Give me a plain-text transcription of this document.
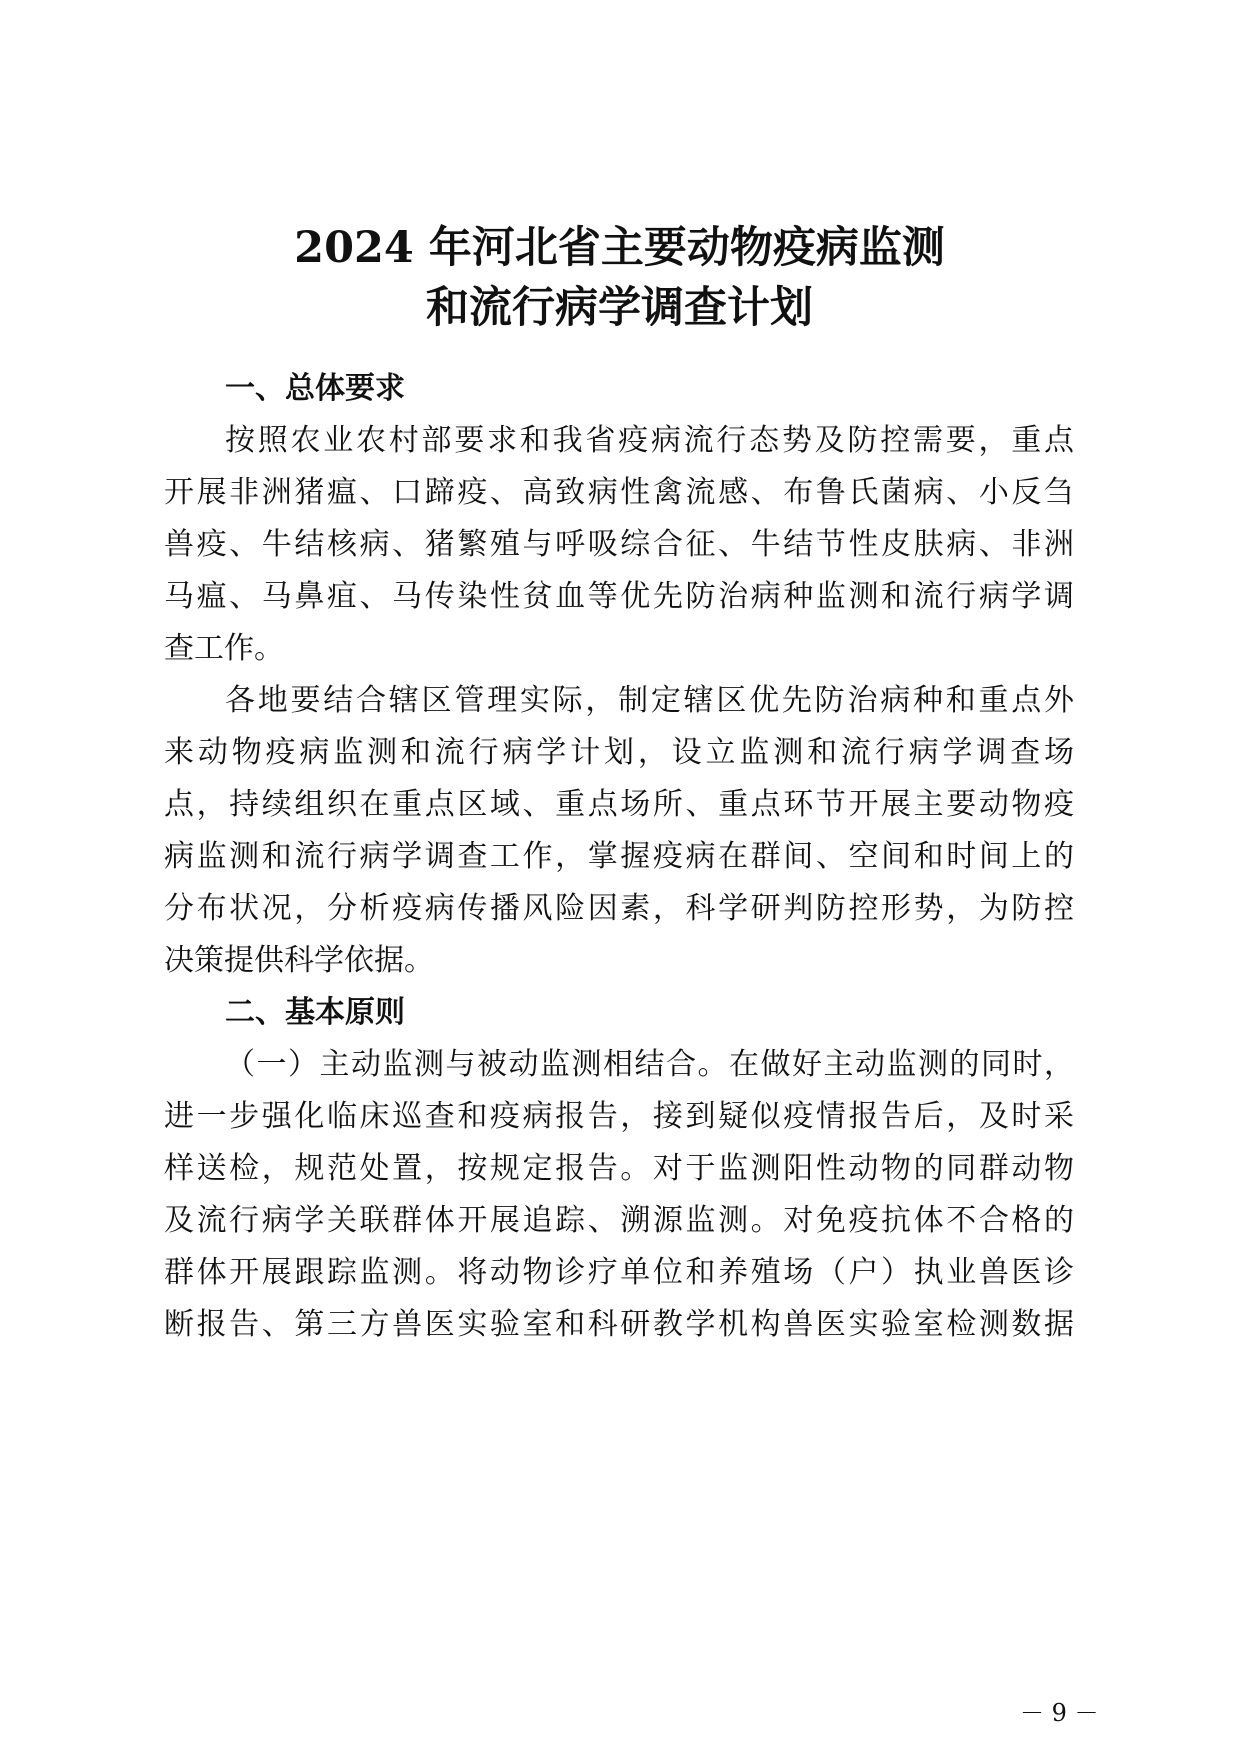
2024 年河北省主要动物疫病监测
和流行病学调查计划
一、总体要求
按照农业农村部要求和我省疫病流行态势及防控需要，重点
开展非洲猪瘟、口蹄疫、高致病性禽流感、布鲁氏菌病、小反刍
兽疫、牛结核病、猪繁殖与呼吸综合征、牛结节性皮肤病、非洲
马瘟、马鼻疽、马传染性贫血等优先防治病种监测和流行病学调
查工作。
各地要结合辖区管理实际，制定辖区优先防治病种和重点外
来动物疫病监测和流行病学计划，设立监测和流行病学调查场
点，持续组织在重点区域、重点场所、重点环节开展主要动物疫
病监测和流行病学调查工作，掌握疫病在群间、空间和时间上的
分布状况，分析疫病传播风险因素，科学研判防控形势，为防控
决策提供科学依据。
二、基本原则
（一）主动监测与被动监测相结合。在做好主动监测的同时，
进一步强化临床巡查和疫病报告，接到疑似疫情报告后，及时采
样送检，规范处置，按规定报告。对于监测阳性动物的同群动物
及流行病学关联群体开展追踪、溯源监测。对免疫抗体不合格的
群体开展跟踪监测。将动物诊疗单位和养殖场（户）执业兽医诊
断报告、第三方兽医实验室和科研教学机构兽医实验室检测数据
－ 9 －
